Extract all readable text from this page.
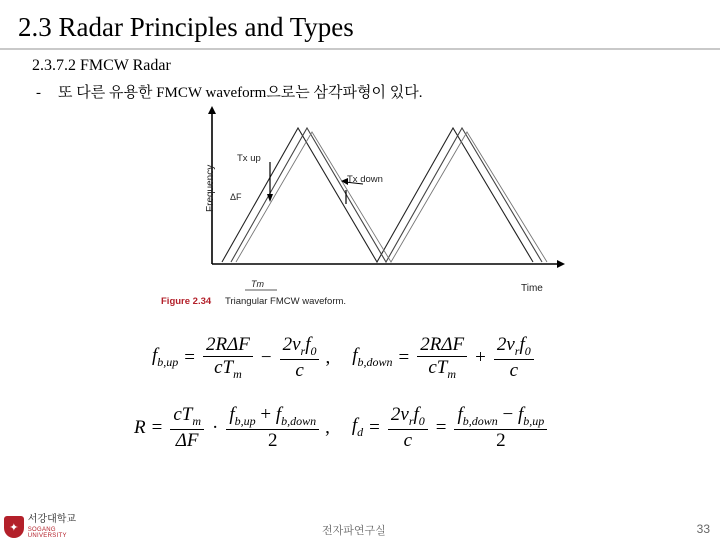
2.3 Radar Principles and Types
2.3.7.2 FMCW Radar
- 또 다른 유용한 FMCW waveform으로는 삼각파형이 있다.
Tx up
Tx down
Frequency ΔF
Tm	Time
Figure 2.34 Triangular FMCW waveform.
$f_{b,up} = \frac{\text{2RΔF}}{cT_m} - \frac{2v_rf_0}{c}$ , $f_{b,down} = \frac{\text{2RΔF}}{cT_m} + \frac{2v_rf_0}{c}$
$R = \frac{cT_m}{\Delta F} \cdot \frac{f_{b,up} + f_{b,down}}{2}$ , $f_d = \frac{2v_rf_0}{c} = \frac{f_{b,down} - f_{b,up}}{2}$
✦
서강대학교
SOGANG UNIVERSITY	전자파연구실	33
